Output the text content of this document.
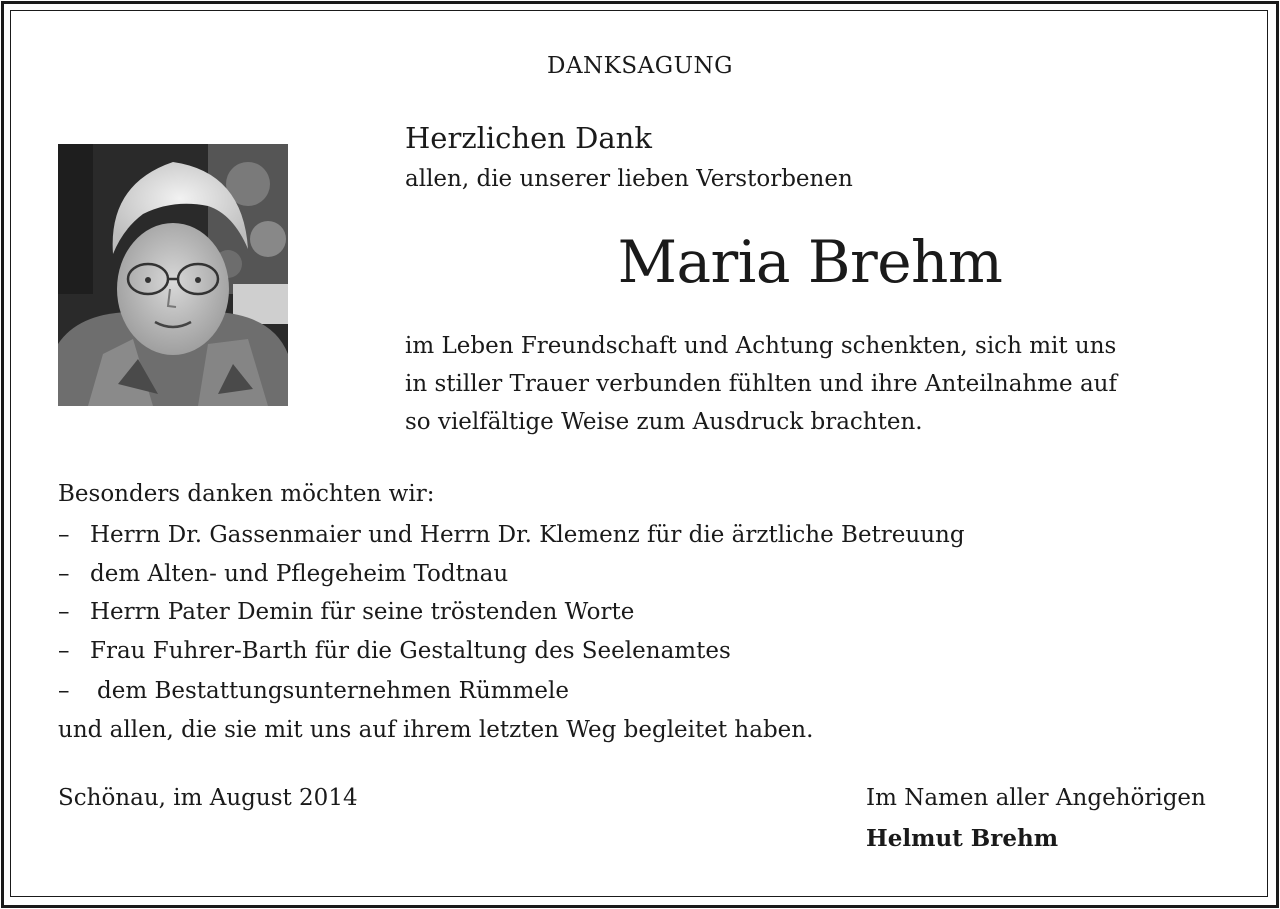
DANKSAGUNG
Herzlichen Dank
allen, die unserer lieben Verstorbenen
Maria Brehm
im Leben Freundschaft und Achtung schenkten, sich mit uns
in stiller Trauer verbunden fühlten und ihre Anteilnahme auf
so vielfältige Weise zum Ausdruck brachten.
Besonders danken möchten wir:
– Herrn Dr. Gassenmaier und Herrn Dr. Klemenz für die ärztliche Betreuung
– dem Alten- und Pflegeheim Todtnau
– Herrn Pater Demin für seine tröstenden Worte
– Frau Fuhrer-Barth für die Gestaltung des Seelenamtes
– dem Bestattungsunternehmen Rümmele
und allen, die sie mit uns auf ihrem letzten Weg begleitet haben.
Schönau, im August 2014	Im Namen aller Angehörigen
Helmut Brehm
